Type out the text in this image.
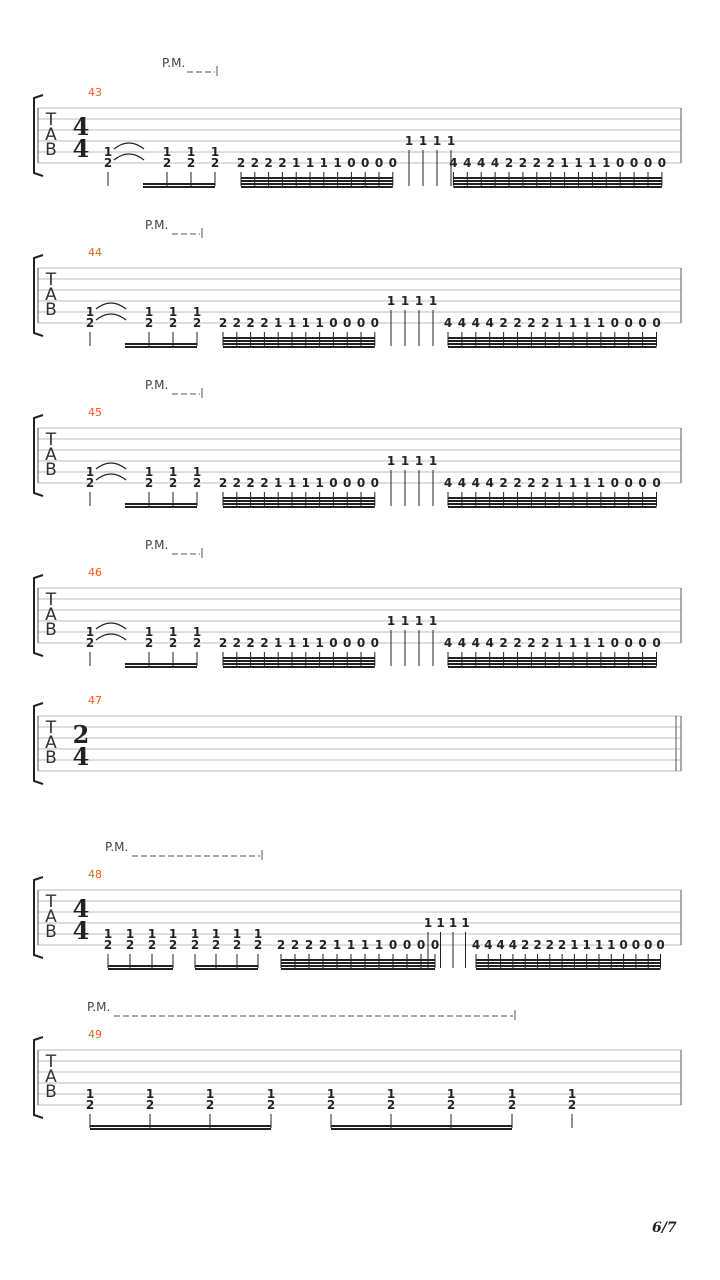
T
A
B
43
4
4
P.M.
1
2
1
2
1
2
1
2 2 2 2 2 1 1 1 1 0 0 0 0
1 1 1 1
4 4 4 4 2 2 2 2 1 1 1 1 0 0 0 0
T
A
B
44
P.M.
1
2
1
2
1
2
1
2 2 2 2 2 1 1 1 1 0 0 0 0
1 1 1 1
4 4 4 4 2 2 2 2 1 1 1 1 0 0 0 0
T
A
B
45
P.M.
1
2
1
2
1
2
1
2 2 2 2 2 1 1 1 1 0 0 0 0
1 1 1 1
4 4 4 4 2 2 2 2 1 1 1 1 0 0 0 0
T
A
B
46
P.M.
1
2
1
2
1
2
1
2 2 2 2 2 1 1 1 1 0 0 0 0
1 1 1 1
4 4 4 4 2 2 2 2 1 1 1 1 0 0 0 0
T
A
B
47
2
4
T
A
B
48
4
4
P.M.
1
2
1
2
1
2
1
2
1
2
1
2
1
2
1
2 2 2 2 2 1 1 1 1 0 0 0 0
1 1 1 1
4 4 4 4 2 2 2 2 1 1 1 1 0 0 0 0
T
A
B
49
P.M.
1
2
1
2
1
2
1
2
1
2
1
2
1
2
1
2
1
2
6/7
